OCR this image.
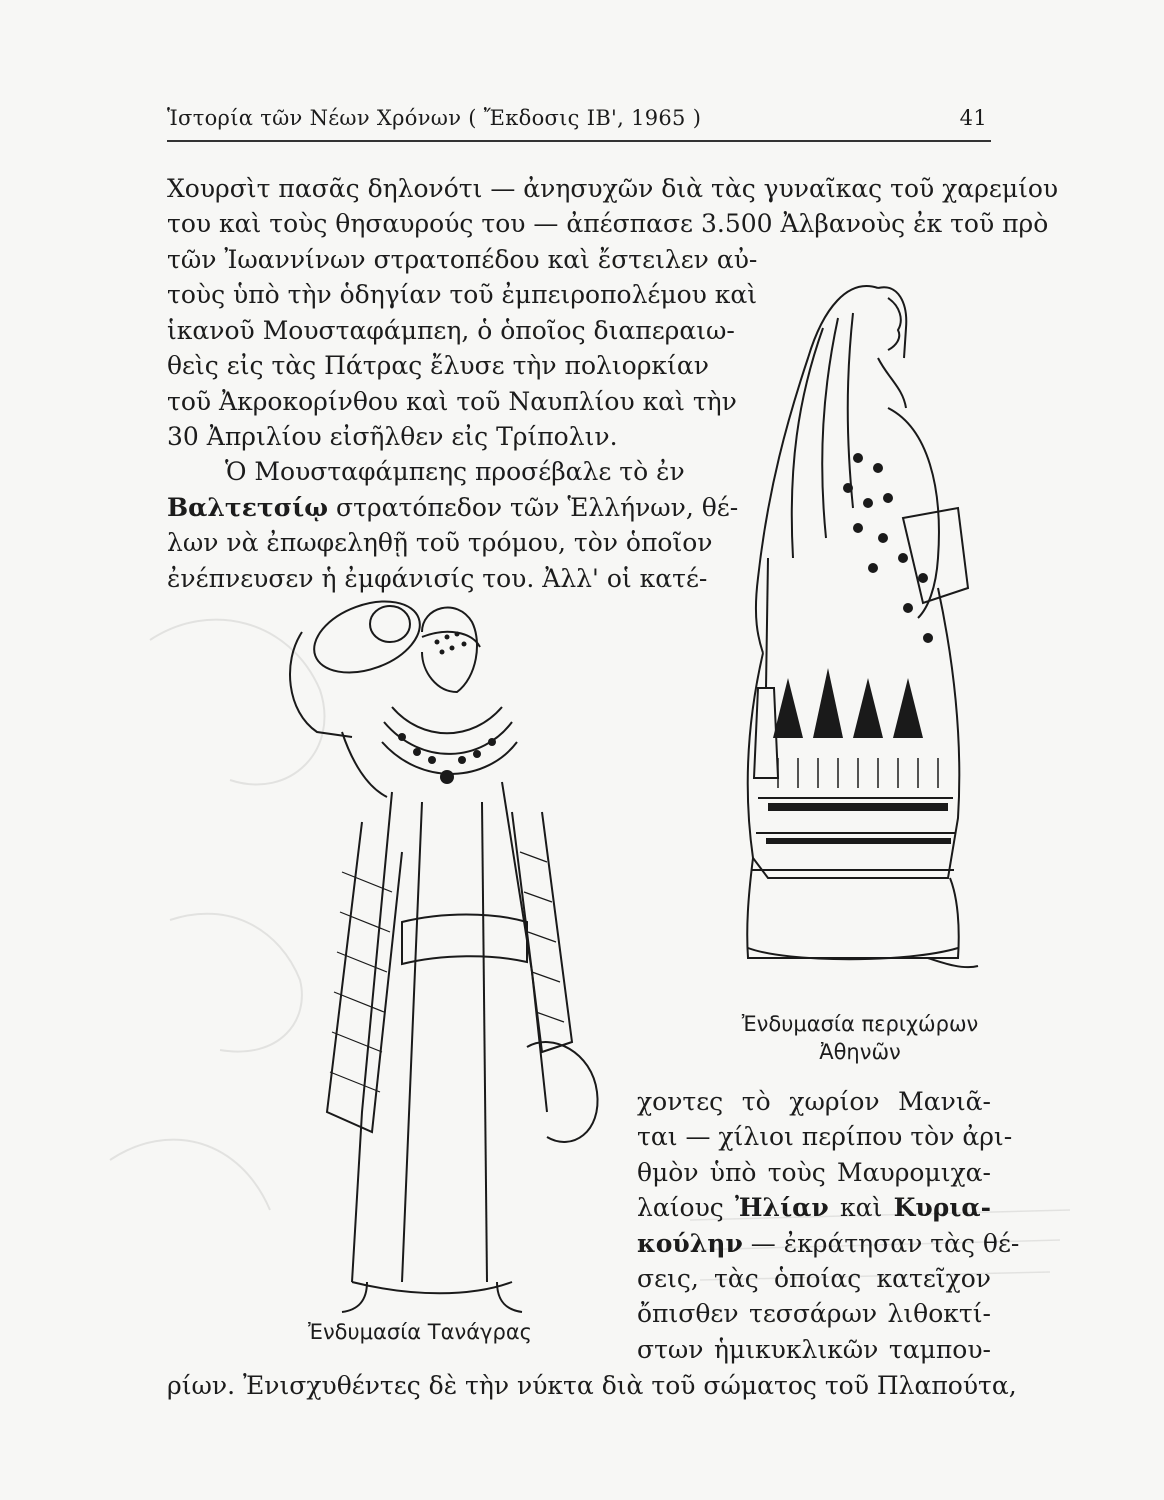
Ἱστορία τῶν Νέων Χρόνων ( Ἔκδοσις ΙΒ', 1965 )	41
Χουρσὶτ πασᾶς δηλονότι — ἀνησυχῶν διὰ τὰς γυναῖκας τοῦ χαρεμίου
του καὶ τοὺς θησαυρούς του — ἀπέσπασε 3.500 Ἀλβανοὺς ἐκ τοῦ πρὸ
τῶν Ἰωαννίνων στρατοπέδου καὶ ἔστειλεν αὐ-
τοὺς ὑπὸ τὴν ὁδηγίαν τοῦ ἐμπειροπολέμου καὶ
ἱκανοῦ Μουσταφάμπεη, ὁ ὁποῖος διαπεραιω-
θεὶς εἰς τὰς Πάτρας ἔλυσε τὴν πολιορκίαν
τοῦ Ἀκροκορίνθου καὶ τοῦ Ναυπλίου καὶ τὴν
30 Ἀπριλίου εἰσῆλθεν εἰς Τρίπολιν.
Ὁ Μουσταφάμπεης προσέβαλε τὸ ἐν
Βαλτετσίῳ στρατόπεδον τῶν Ἑλλήνων, θέ-
λων νὰ ἐπωφεληθῇ τοῦ τρόμου, τὸν ὁποῖον
ἐνέπνευσεν ἡ ἐμφάνισίς του. Ἀλλ' οἱ κατέ-
χοντες τὸ χωρίον Μανιᾶ-
ται — χίλιοι περίπου τὸν ἀρι-
θμὸν ὑπὸ τοὺς Μαυρομιχα-
λαίους Ἠλίαν καὶ Κυρια-
κούλην — ἐκράτησαν τὰς θέ-
σεις, τὰς ὁποίας κατεῖχον
ὄπισθεν τεσσάρων λιθοκτί-
στων ἡμικυκλικῶν ταμπου-
ρίων. Ἐνισχυθέντες δὲ τὴν νύκτα διὰ τοῦ σώματος τοῦ Πλαπούτα,
Ἐνδυμασία περιχώρων
Ἀθηνῶν
Ἐνδυμασία Τανάγρας
